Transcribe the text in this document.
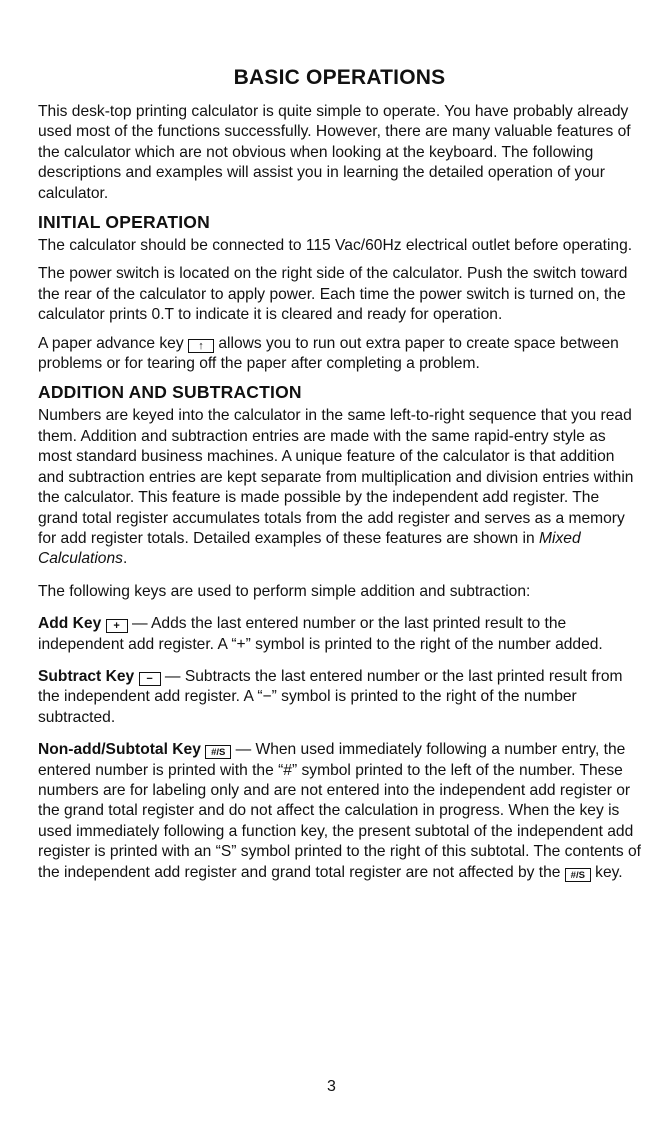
BASIC OPERATIONS

This desk-top printing calculator is quite simple to operate. You have probably already used most of the functions successfully. However, there are many valuable features of the calculator which are not obvious when looking at the keyboard. The following descriptions and examples will assist you in learning the detailed operation of your calculator.

INITIAL OPERATION

The calculator should be connected to 115 Vac/60Hz electrical outlet before operating.

The power switch is located on the right side of the calculator. Push the switch toward the rear of the calculator to apply power. Each time the power switch is turned on, the calculator prints 0.T to indicate it is cleared and ready for operation.

A paper advance key ↑ allows you to run out extra paper to create space between problems or for tearing off the paper after completing a problem.

ADDITION AND SUBTRACTION

Numbers are keyed into the calculator in the same left-to-right sequence that you read them. Addition and subtraction entries are made with the same rapid-entry style as most standard business machines. A unique feature of the calculator is that addition and subtraction entries are kept separate from multiplication and division entries within the calculator. This feature is made possible by the independent add register. The grand total register accumulates totals from the add register and serves as a memory for add register totals. Detailed examples of these features are shown in Mixed Calculations.

The following keys are used to perform simple addition and subtraction:

Add Key + — Adds the last entered number or the last printed result to the independent add register. A “+” symbol is printed to the right of the number added.

Subtract Key − — Subtracts the last entered number or the last printed result from the independent add register. A “−” symbol is printed to the right of the number subtracted.

Non-add/Subtotal Key #/S — When used immediately following a number entry, the entered number is printed with the “#” symbol printed to the left of the number. These numbers are for labeling only and are not entered into the independent add register or the grand total register and do not affect the calculation in progress. When the key is used immediately following a function key, the present subtotal of the independent add register is printed with an “S” symbol printed to the right of this subtotal. The contents of the independent add register and grand total register are not affected by the #/S key.

3
